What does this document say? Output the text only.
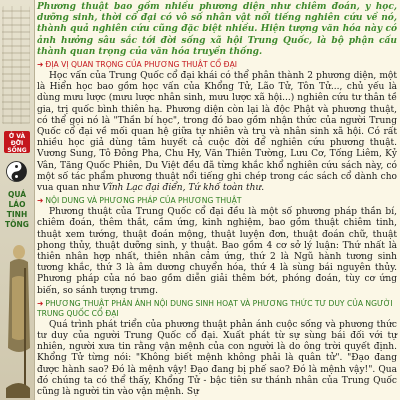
Ở VÀ ĐỜI SỐNG
QUÁ
LÁO
TINH
TÔNG

Phương thuật bao gồm nhiều phương diện như chiêm đoán, y học, dưỡng sinh, thời cổ đại có vô số nhân vật nổi tiếng nghiên cứu về nó, thành quả nghiên cứu cũng đặc biệt nhiều. Hiện tượng văn hóa này có ảnh hưởng sâu sắc tới đời sống xã hội Trung Quốc, là bộ phận cấu thành quan trọng của văn hóa truyền thống.

➜ ĐỊA VỊ QUAN TRỌNG CỦA PHƯƠNG THUẬT CỔ ĐẠI

Học vấn của Trung Quốc cổ đại khái có thể phân thành 2 phương diện, một là Hiển học bao gồm học vấn của Khổng Tử, Lão Tử, Tôn Tử..., chủ yếu là dùng mưu lược (mưu lược nhân sinh, mưu lược xã hội...) nghiên cứu tư thân tề gia, trị quốc bình thiên hạ. Phương diện còn lại là độc Phật và phương thuật, có thể gọi nó là "Thần bí học", trong đó bao gồm nhận thức của người Trung Quốc cổ đại về mối quan hệ giữa tự nhiên và trụ và nhân sinh xã hội. Có rất nhiều học giả dùng tâm huyết cả cuộc đời để nghiên cứu phương thuật. Vương Sung, Tô Đông Pha, Chu Hy, Văn Thiên Tường, Lưu Cơ, Tống Liêm, Kỷ Vân, Tăng Quốc Phiên, Du Việt đều đã từng khắc khổ nghiên cứu sách này, có một số tác phẩm phương thuật nổi tiếng ghi chép trong các sách cổ dành cho vua quan như Vĩnh Lạc đại điển, Tứ khố toàn thư.

➜ NỘI DUNG VÀ PHƯƠNG PHÁP CỦA PHƯƠNG THUẬT

Phương thuật của Trung Quốc cổ đại đều là một số phương pháp thần bí, chiêm đoán, thêm thắt, cầm ứng, kinh nghiệm, bao gồm thuật chiêm tinh, thuật xem tướng, thuật đoán mộng, thuật luyện đơn, thuật đoán chữ, thuật phong thủy, thuật dưỡng sinh, y thuật. Bao gồm 4 cơ sở lý luận: Thứ nhất là thiên nhân hợp nhất, thiên nhân cảm ứng, thứ 2 là Ngũ hành tương sinh tương khắc, thứ 3 là âm dương chuyển hóa, thứ 4 là sùng bái nguyên thủy. Phương pháp của nó bao gồm diễn giải thêm bớt, phóng đoán, tùy cơ ứng biến, so sánh tượng trưng.

➜ PHƯƠNG THUẬT PHẢN ÁNH NỘI DUNG SINH HOẠT VÀ PHƯƠNG THỨC TƯ DUY CỦA NGƯỜI TRUNG QUỐC CỔ ĐẠI

Quá trình phát triển của phương thuật phản ánh cuộc sống và phương thức tư duy của người Trung Quốc cổ đại. Xuất phát từ sự sùng bái đối với tự nhiên, người xưa tin rằng vận mệnh của con người là do ông trời quyết định. Khổng Tử từng nói: "Không biết mệnh không phải là quân tử". "Đạo đang được hành sao? Đó là mệnh vậy! Đạo đang bị phế sao? Đó là mệnh vậy!". Qua đó chúng ta có thể thấy, Khổng Tử - bậc tiên sư thánh nhân của Trung Quốc cũng là người tin vào vận mệnh. Sự
